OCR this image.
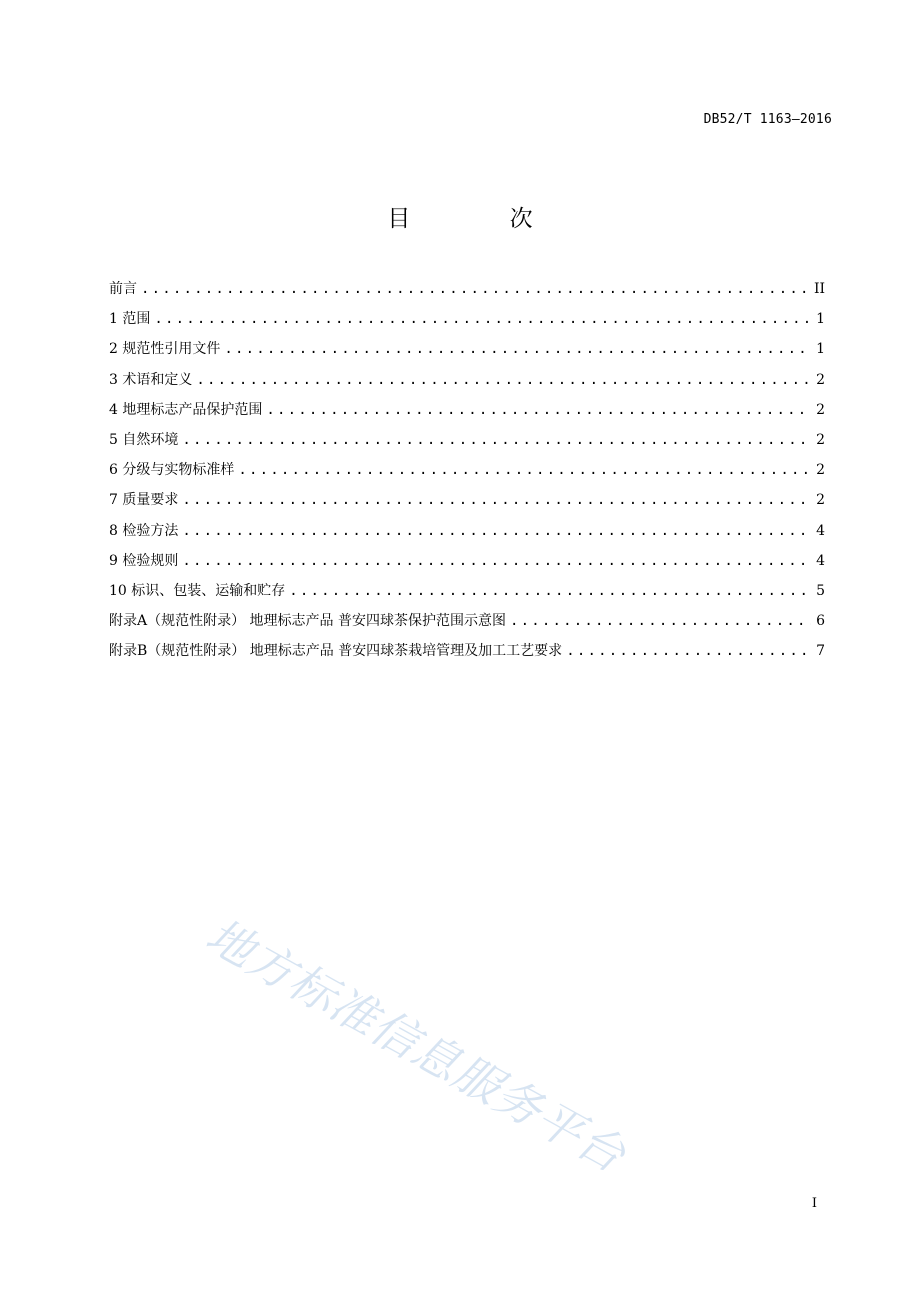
DB52/T 1163—2016
目 次
前言 .....	II
1 范围 .....	1
2 规范性引用文件 .....	1
3 术语和定义 .....	2
4 地理标志产品保护范围 .....	2
5 自然环境 .....	2
6 分级与实物标准样 .....	2
7 质量要求 .....	2
8 检验方法 .....	4
9 检验规则 .....	4
10 标识、包装、运输和贮存 .....	5
附录A（规范性附录） 地理标志产品 普安四球茶保护范围示意图 .....	6
附录B（规范性附录） 地理标志产品 普安四球茶栽培管理及加工工艺要求 .....	7
地方标准信息服务平台
I
